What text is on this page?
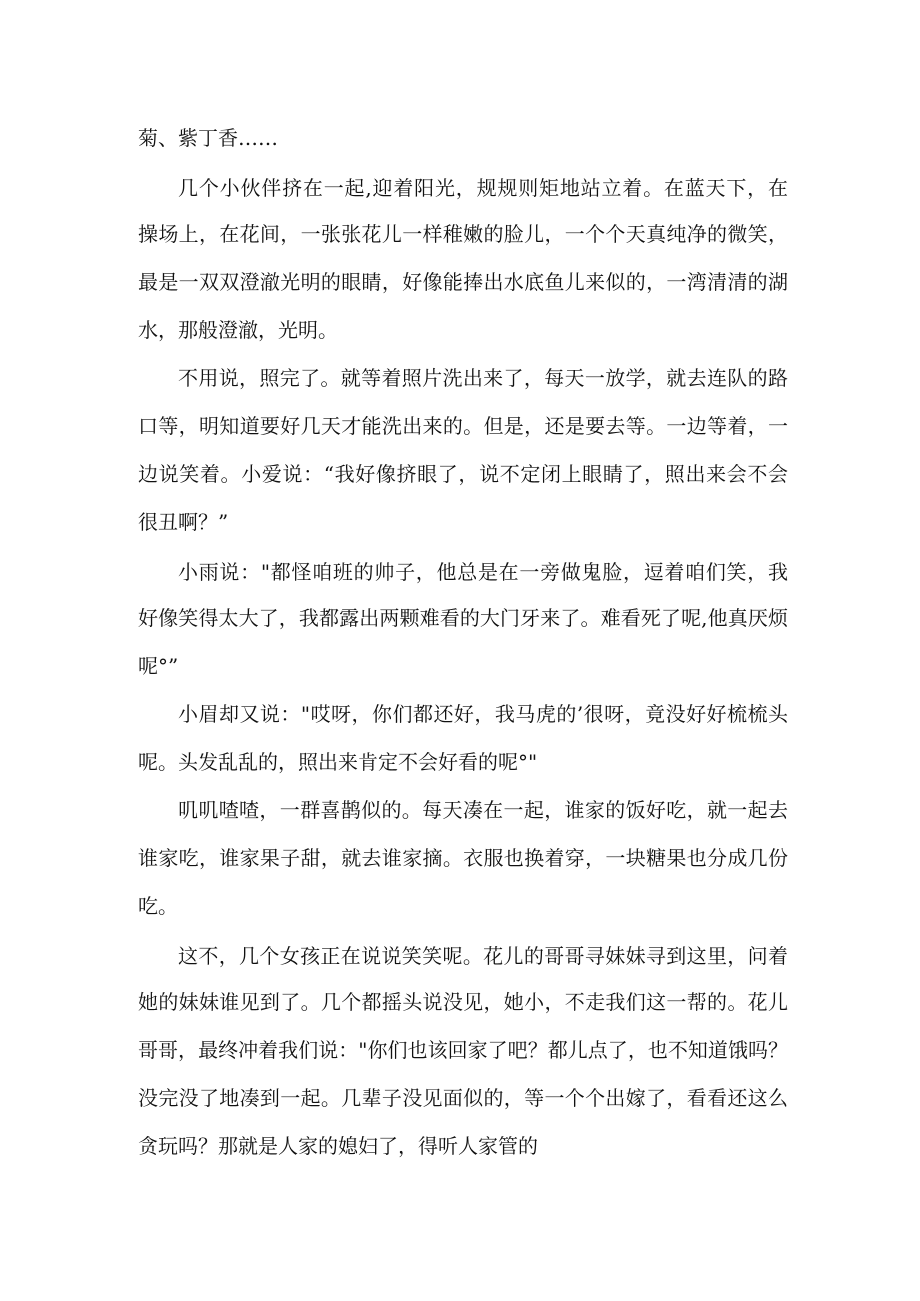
菊、紫丁香……
几个小伙伴挤在一起,迎着阳光，规规则矩地站立着。在蓝天下，在
操场上，在花间，一张张花儿一样稚嫩的脸儿，一个个天真纯净的微笑，
最是一双双澄澈光明的眼睛，好像能捧出水底鱼儿来似的，一湾清清的湖
水，那般澄澈，光明。
不用说，照完了。就等着照片洗出来了，每天一放学，就去连队的路
口等，明知道要好几天才能洗出来的。但是，还是要去等。一边等着，一
边说笑着。小爱说：“我好像挤眼了，说不定闭上眼睛了，照出来会不会
很丑啊？”
小雨说："都怪咱班的帅子，他总是在一旁做鬼脸，逗着咱们笑，我
好像笑得太大了，我都露出两颗难看的大门牙来了。难看死了呢,他真厌烦
呢°”
小眉却又说："哎呀，你们都还好，我马虎的’很呀，竟没好好梳梳头
呢。头发乱乱的，照出来肯定不会好看的呢°"
叽叽喳喳，一群喜鹊似的。每天凑在一起，谁家的饭好吃，就一起去
谁家吃，谁家果子甜，就去谁家摘。衣服也换着穿，一块糖果也分成几份
吃。
这不，几个女孩正在说说笑笑呢。花儿的哥哥寻妹妹寻到这里，问着
她的妹妹谁见到了。几个都摇头说没见，她小，不走我们这一帮的。花儿
哥哥，最终冲着我们说："你们也该回家了吧？都儿点了，也不知道饿吗？
没完没了地凑到一起。几辈子没见面似的，等一个个出嫁了，看看还这么
贪玩吗？那就是人家的媳妇了，得听人家管的
